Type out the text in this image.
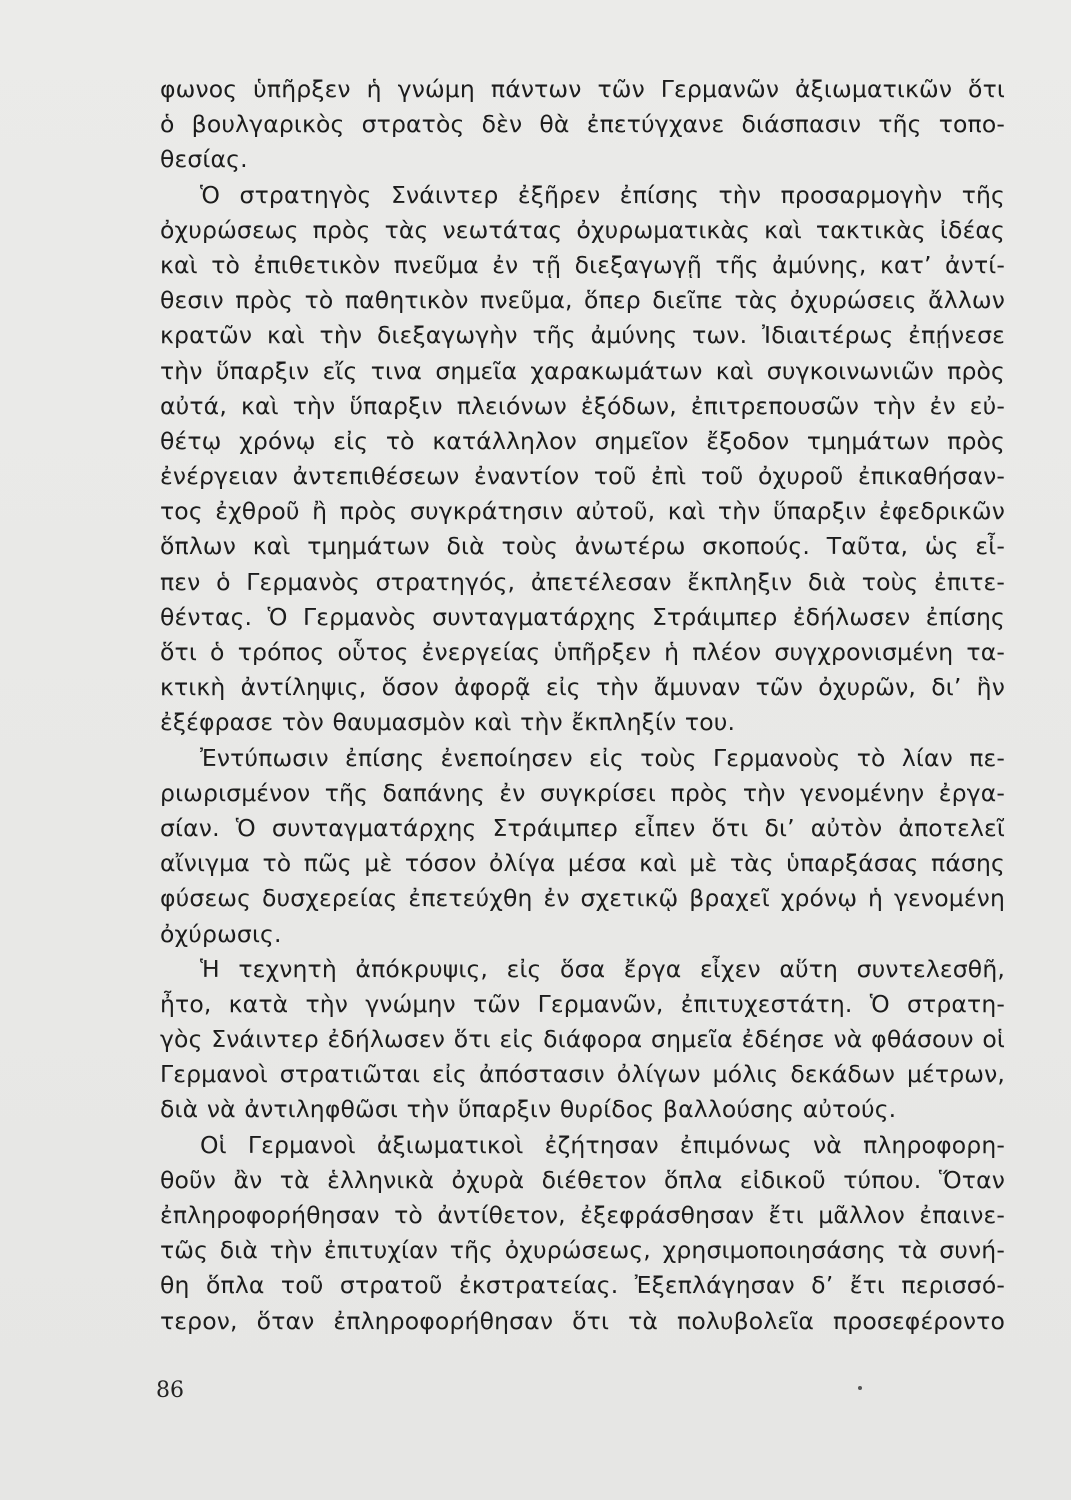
φωνος ὑπῆρξεν ἡ γνώμη πάντων τῶν Γερμανῶν ἀξιωματικῶν ὅτι
ὁ βουλγαρικὸς στρατὸς δὲν θὰ ἐπετύγχανε διάσπασιν τῆς τοπο-
θεσίας.
Ὁ στρατηγὸς Σνάιντερ ἐξῆρεν ἐπίσης τὴν προσαρμογὴν τῆς
ὀχυρώσεως πρὸς τὰς νεωτάτας ὀχυρωματικὰς καὶ τακτικὰς ἰδέας
καὶ τὸ ἐπιθετικὸν πνεῦμα ἐν τῇ διεξαγωγῇ τῆς ἀμύνης, κατ’ ἀντί-
θεσιν πρὸς τὸ παθητικὸν πνεῦμα, ὅπερ διεῖπε τὰς ὀχυρώσεις ἄλλων
κρατῶν καὶ τὴν διεξαγωγὴν τῆς ἀμύνης των. Ἰδιαιτέρως ἐπῄνεσε
τὴν ὕπαρξιν εἴς τινα σημεῖα χαρακωμάτων καὶ συγκοινωνιῶν πρὸς
αὐτά, καὶ τὴν ὕπαρξιν πλειόνων ἐξόδων, ἐπιτρεπουσῶν τὴν ἐν εὐ-
θέτῳ χρόνῳ εἰς τὸ κατάλληλον σημεῖον ἔξοδον τμημάτων πρὸς
ἐνέργειαν ἀντεπιθέσεων ἐναντίον τοῦ ἐπὶ τοῦ ὀχυροῦ ἐπικαθήσαν-
τος ἐχθροῦ ἢ πρὸς συγκράτησιν αὐτοῦ, καὶ τὴν ὕπαρξιν ἐφεδρικῶν
ὅπλων καὶ τμημάτων διὰ τοὺς ἀνωτέρω σκοπούς. Ταῦτα, ὡς εἶ-
πεν ὁ Γερμανὸς στρατηγός, ἀπετέλεσαν ἔκπληξιν διὰ τοὺς ἐπιτε-
θέντας. Ὁ Γερμανὸς συνταγματάρχης Στράιμπερ ἐδήλωσεν ἐπίσης
ὅτι ὁ τρόπος οὗτος ἐνεργείας ὑπῆρξεν ἡ πλέον συγχρονισμένη τα-
κτικὴ ἀντίληψις, ὅσον ἀφορᾷ εἰς τὴν ἄμυναν τῶν ὀχυρῶν, δι’ ἣν
ἐξέφρασε τὸν θαυμασμὸν καὶ τὴν ἔκπληξίν του.
Ἐντύπωσιν ἐπίσης ἐνεποίησεν εἰς τοὺς Γερμανοὺς τὸ λίαν πε-
ριωρισμένον τῆς δαπάνης ἐν συγκρίσει πρὸς τὴν γενομένην ἐργα-
σίαν. Ὁ συνταγματάρχης Στράιμπερ εἶπεν ὅτι δι’ αὐτὸν ἀποτελεῖ
αἴνιγμα τὸ πῶς μὲ τόσον ὀλίγα μέσα καὶ μὲ τὰς ὑπαρξάσας πάσης
φύσεως δυσχερείας ἐπετεύχθη ἐν σχετικῷ βραχεῖ χρόνῳ ἡ γενομένη
ὀχύρωσις.
Ἡ τεχνητὴ ἀπόκρυψις, εἰς ὅσα ἔργα εἶχεν αὕτη συντελεσθῆ,
ἦτο, κατὰ τὴν γνώμην τῶν Γερμανῶν, ἐπιτυχεστάτη. Ὁ στρατη-
γὸς Σνάιντερ ἐδήλωσεν ὅτι εἰς διάφορα σημεῖα ἐδέησε νὰ φθάσουν οἱ
Γερμανοὶ στρατιῶται εἰς ἀπόστασιν ὀλίγων μόλις δεκάδων μέτρων,
διὰ νὰ ἀντιληφθῶσι τὴν ὕπαρξιν θυρίδος βαλλούσης αὐτούς.
Οἱ Γερμανοὶ ἀξιωματικοὶ ἐζήτησαν ἐπιμόνως νὰ πληροφορη-
θοῦν ἂν τὰ ἑλληνικὰ ὀχυρὰ διέθετον ὅπλα εἰδικοῦ τύπου. Ὅταν
ἐπληροφορήθησαν τὸ ἀντίθετον, ἐξεφράσθησαν ἔτι μᾶλλον ἐπαινε-
τῶς διὰ τὴν ἐπιτυχίαν τῆς ὀχυρώσεως, χρησιμοποιησάσης τὰ συνή-
θη ὅπλα τοῦ στρατοῦ ἐκστρατείας. Ἐξεπλάγησαν δ’ ἔτι περισσό-
τερον, ὅταν ἐπληροφορήθησαν ὅτι τὰ πολυβολεῖα προσεφέροντο
86
